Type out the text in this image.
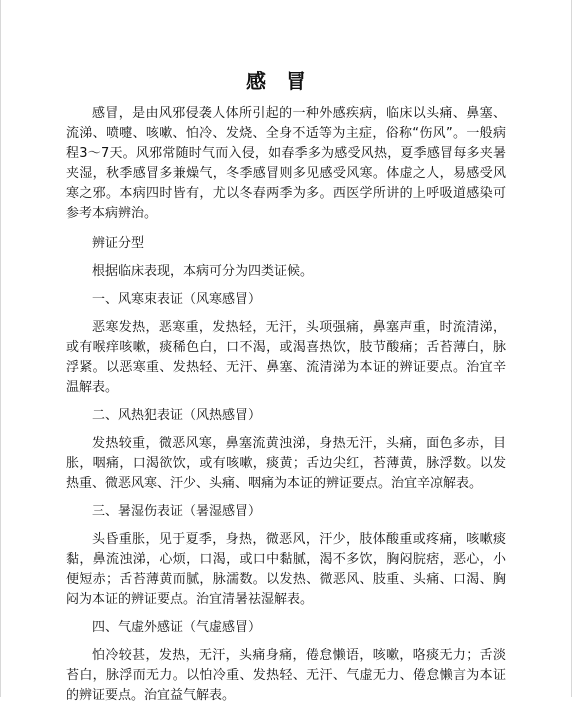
感冒

感冒，是由风邪侵袭人体所引起的一种外感疾病，临床以头痛、鼻塞、流涕、喷嚏、咳嗽、怕冷、发烧、全身不适等为主症，俗称“伤风”。一般病程3～7天。风邪常随时气而入侵，如春季多为感受风热，夏季感冒每多夹暑夹湿，秋季感冒多兼燥气，冬季感冒则多见感受风寒。体虚之人，易感受风寒之邪。本病四时皆有，尤以冬春两季为多。西医学所讲的上呼吸道感染可参考本病辨治。

辨证分型

根据临床表现，本病可分为四类证候。

一、风寒束表证（风寒感冒）

恶寒发热，恶寒重，发热轻，无汗，头项强痛，鼻塞声重，时流清涕，或有喉痒咳嗽，痰稀色白，口不渴，或渴喜热饮，肢节酸痛；舌苔薄白，脉浮紧。以恶寒重、发热轻、无汗、鼻塞、流清涕为本证的辨证要点。治宜辛温解表。

二、风热犯表证（风热感冒）

发热较重，微恶风寒，鼻塞流黄浊涕，身热无汗，头痛，面色多赤，目胀，咽痛，口渴欲饮，或有咳嗽，痰黄；舌边尖红，苔薄黄，脉浮数。以发热重、微恶风寒、汗少、头痛、咽痛为本证的辨证要点。治宜辛凉解表。

三、暑湿伤表证（暑湿感冒）

头昏重胀，见于夏季，身热，微恶风，汗少，肢体酸重或疼痛，咳嗽痰黏，鼻流浊涕，心烦，口渴，或口中黏腻，渴不多饮，胸闷脘痞，恶心，小便短赤；舌苔薄黄而腻，脉濡数。以发热、微恶风、肢重、头痛、口渴、胸闷为本证的辨证要点。治宜清暑祛湿解表。

四、气虚外感证（气虚感冒）

怕冷较甚，发热，无汗，头痛身痛，倦怠懒语，咳嗽，咯痰无力；舌淡苔白，脉浮而无力。以怕冷重、发热轻、无汗、气虚无力、倦怠懒言为本证的辨证要点。治宜益气解表。
